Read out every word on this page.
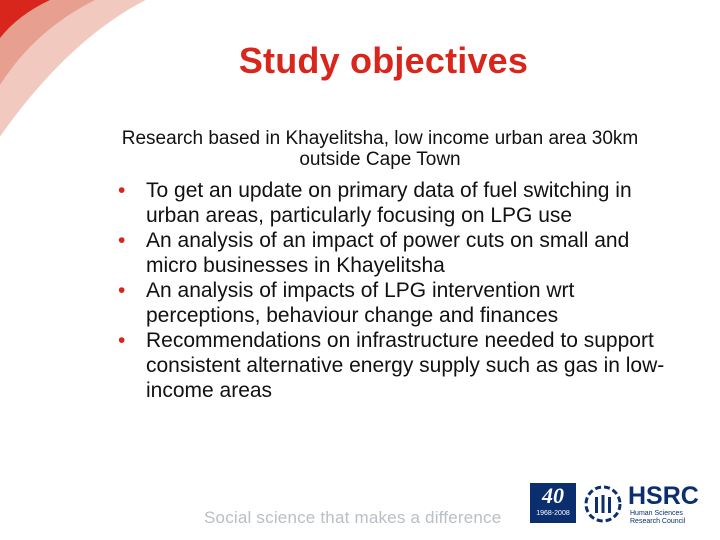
Study objectives
Research based in Khayelitsha, low income urban area 30km outside Cape Town
• To get an update on primary data of fuel switching in urban areas, particularly focusing on LPG use
• An analysis of an impact of power cuts on small and micro businesses in Khayelitsha
• An analysis of impacts of LPG intervention wrt perceptions, behaviour change and finances
• Recommendations on infrastructure needed to support consistent alternative energy supply such as gas in low-income areas
Social science that makes a difference
40
1968-2008
HSRC
Human Sciences
Research Council
